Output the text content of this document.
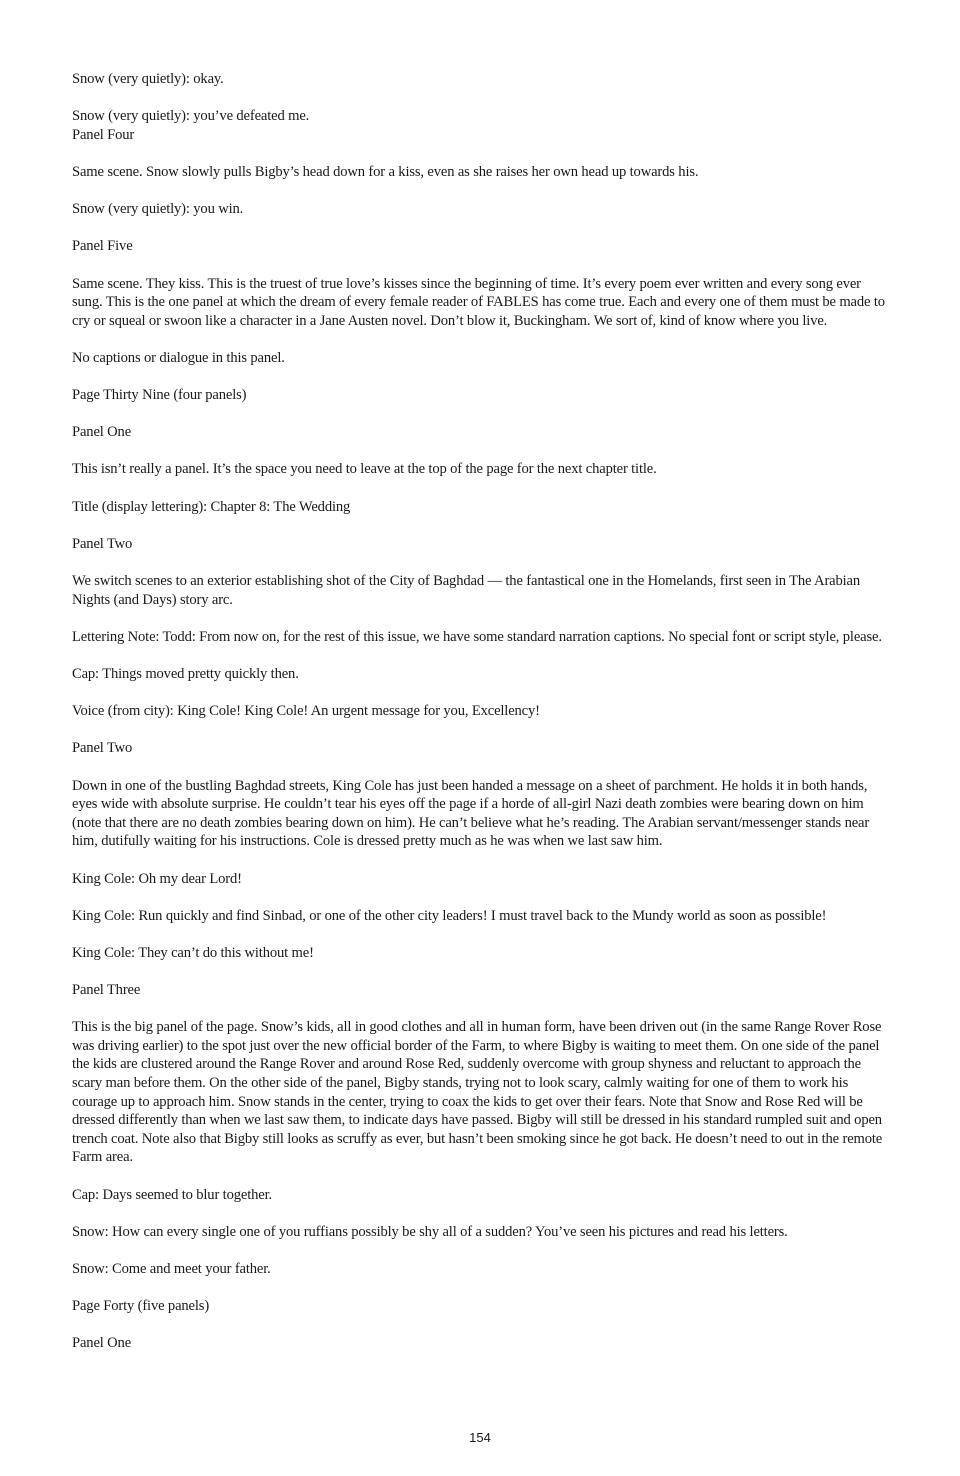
Snow (very quietly): okay.

Snow (very quietly): you’ve defeated me.

Panel Four

Same scene. Snow slowly pulls Bigby’s head down for a kiss, even as she raises her own head up towards his.

Snow (very quietly): you win.

Panel Five

Same scene. They kiss. This is the truest of true love’s kisses since the beginning of time. It’s every poem ever written and every song ever sung. This is the one panel at which the dream of every female reader of FABLES has come true. Each and every one of them must be made to cry or squeal or swoon like a character in a Jane Austen novel. Don’t blow it, Buckingham. We sort of, kind of know where you live.

No captions or dialogue in this panel.

Page Thirty Nine (four panels)

Panel One

This isn’t really a panel. It’s the space you need to leave at the top of the page for the next chapter title.

Title (display lettering): Chapter 8: The Wedding

Panel Two

We switch scenes to an exterior establishing shot of the City of Baghdad — the fantastical one in the Homelands, first seen in The Arabian Nights (and Days) story arc.

Lettering Note: Todd: From now on, for the rest of this issue, we have some standard narration captions. No special font or script style, please.

Cap: Things moved pretty quickly then.

Voice (from city): King Cole! King Cole! An urgent message for you, Excellency!

Panel Two

Down in one of the bustling Baghdad streets, King Cole has just been handed a message on a sheet of parchment. He holds it in both hands, eyes wide with absolute surprise. He couldn’t tear his eyes off the page if a horde of all-girl Nazi death zombies were bearing down on him (note that there are no death zombies bearing down on him). He can’t believe what he’s reading. The Arabian servant/messenger stands near him, dutifully waiting for his instructions. Cole is dressed pretty much as he was when we last saw him.

King Cole: Oh my dear Lord!

King Cole: Run quickly and find Sinbad, or one of the other city leaders! I must travel back to the Mundy world as soon as possible!

King Cole: They can’t do this without me!

Panel Three

This is the big panel of the page. Snow’s kids, all in good clothes and all in human form, have been driven out (in the same Range Rover Rose was driving earlier) to the spot just over the new official border of the Farm, to where Bigby is waiting to meet them. On one side of the panel the kids are clustered around the Range Rover and around Rose Red, suddenly overcome with group shyness and reluctant to approach the scary man before them. On the other side of the panel, Bigby stands, trying not to look scary, calmly waiting for one of them to work his courage up to approach him. Snow stands in the center, trying to coax the kids to get over their fears. Note that Snow and Rose Red will be dressed differently than when we last saw them, to indicate days have passed. Bigby will still be dressed in his standard rumpled suit and open trench coat. Note also that Bigby still looks as scruffy as ever, but hasn’t been smoking since he got back. He doesn’t need to out in the remote Farm area.

Cap: Days seemed to blur together.

Snow: How can every single one of you ruffians possibly be shy all of a sudden? You’ve seen his pictures and read his letters.

Snow: Come and meet your father.

Page Forty (five panels)

Panel One

154
